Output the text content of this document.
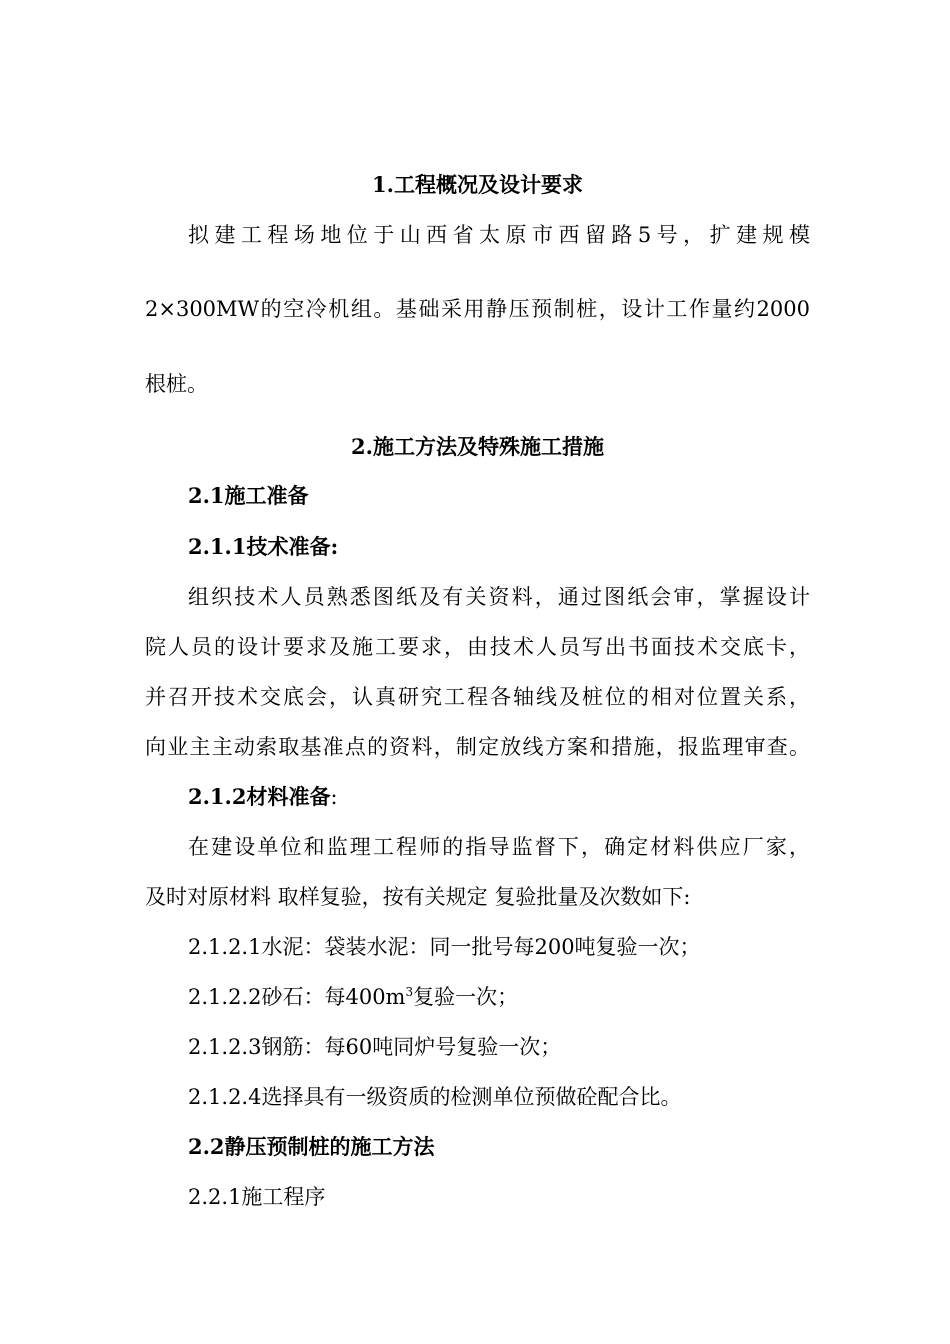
1.工程概况及设计要求
拟建工程场地位于山西省太原市西留路5号，扩建规模
2×300MW的空冷机组。基础采用静压预制桩，设计工作量约2000
根桩。
2.施工方法及特殊施工措施
2.1施工准备
2.1.1技术准备:
组织技术人员熟悉图纸及有关资料，通过图纸会审，掌握设计
院人员的设计要求及施工要求，由技术人员写出书面技术交底卡，
并召开技术交底会，认真研究工程各轴线及桩位的相对位置关系，
向业主主动索取基准点的资料，制定放线方案和措施，报监理审查。
2.1.2材料准备:
在建设单位和监理工程师的指导监督下，确定材料供应厂家，
及时对原材料 取样复验，按有关规定 复验批量及次数如下:
2.1.2.1水泥：袋装水泥：同一批号每200吨复验一次；
2.1.2.2砂石：每$400m^3$复验一次；
2.1.2.3钢筋：每60吨同炉号复验一次；
2.1.2.4选择具有一级资质的检测单位预做砼配合比。
2.2静压预制桩的施工方法
2.2.1施工程序
